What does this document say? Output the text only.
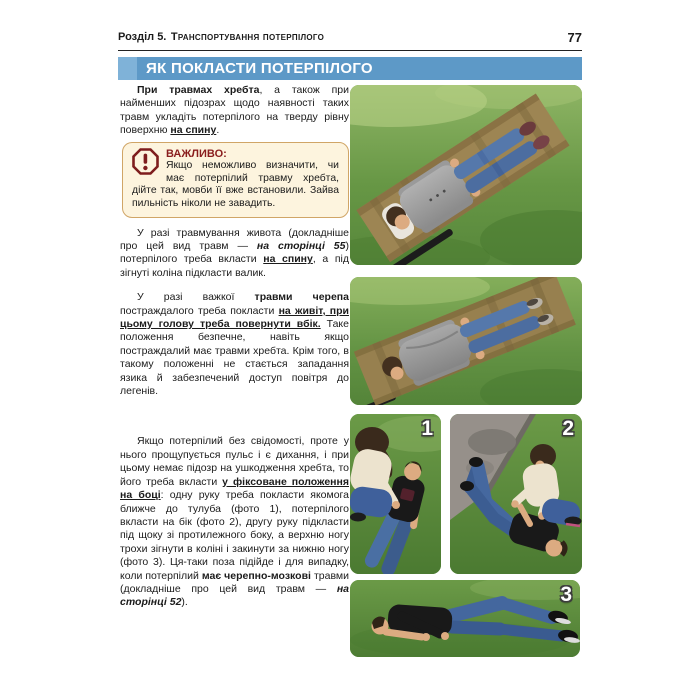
Розділ 5. Транспортування потерпілого	77
ЯК ПОКЛАСТИ ПОТЕРПІЛОГО

При травмах хребта, а також при найменших підозрах щодо наявності таких травм укладіть потерпілого на тверду рівну поверхню на спину.

ВАЖЛИВО:
Якщо неможливо визначити, чи має потерпілий травму хребта, дійте так, мовби її вже встановили. Зайва пильність ніколи не завадить.

У разі травмування живота (докладніше про цей вид травм — на сторінці 55) потерпілого треба вкласти на спину, а під зігнуті коліна підкласти валик.

У разі важкої травми черепа постраждалого треба покласти на живіт, при цьому голову треба повернути вбік. Таке положення безпечне, навіть якщо постраждалий має травми хребта. Крім того, в такому положенні не стається западання язика й забезпечений доступ повітря до легенів.

Якщо потерпілий без свідомості, проте у нього прощупується пульс і є дихання, і при цьому немає підозр на ушкодження хребта, то його треба вкласти у фіксоване положення на боці: одну руку треба покласти якомога ближче до тулуба (фото 1), потерпілого вкласти на бік (фото 2), другу руку підкласти під щоку зі протилежного боку, а верхню ногу трохи зігнути в коліні і закинути за нижню ногу (фото 3). Ця-таки поза підійде і для випадку, коли потерпілий має черепно-мозкові травми (докладніше про цей вид травм — на сторінці 52).

1	2
3
